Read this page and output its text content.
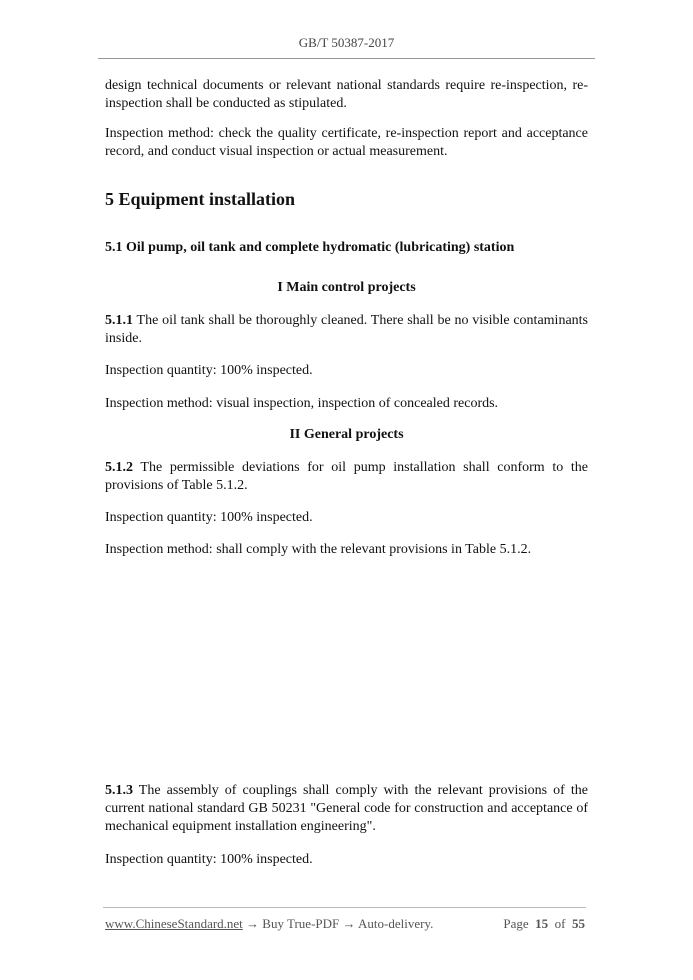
GB/T 50387-2017

design technical documents or relevant national standards require re-inspection, re-inspection shall be conducted as stipulated.

Inspection method: check the quality certificate, re-inspection report and acceptance record, and conduct visual inspection or actual measurement.

5 Equipment installation
5.1 Oil pump, oil tank and complete hydromatic (lubricating) station
I Main control projects

5.1.1 The oil tank shall be thoroughly cleaned. There shall be no visible contaminants inside.

Inspection quantity: 100% inspected.

Inspection method: visual inspection, inspection of concealed records.

II General projects

5.1.2 The permissible deviations for oil pump installation shall conform to the provisions of Table 5.1.2.

Inspection quantity: 100% inspected.

Inspection method: shall comply with the relevant provisions in Table 5.1.2.

5.1.3 The assembly of couplings shall comply with the relevant provisions of the current national standard GB 50231 "General code for construction and acceptance of mechanical equipment installation engineering".

Inspection quantity: 100% inspected.

www.ChineseStandard.net → Buy True-PDF → Auto-delivery.	Page 15 of 55
